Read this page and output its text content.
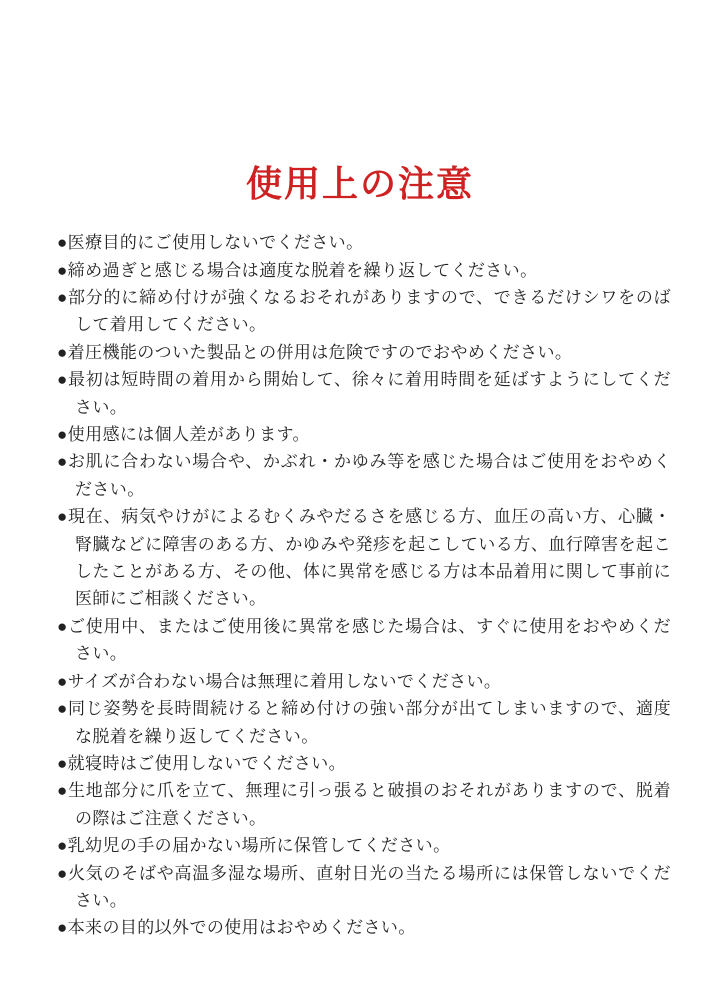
使用上の注意
●医療目的にご使用しないでください。
●締め過ぎと感じる場合は適度な脱着を繰り返してください。
●部分的に締め付けが強くなるおそれがありますので、できるだけシワをのばして着用してください。
●着圧機能のついた製品との併用は危険ですのでおやめください。
●最初は短時間の着用から開始して、徐々に着用時間を延ばすようにしてください。
●使用感には個人差があります。
●お肌に合わない場合や、かぶれ・かゆみ等を感じた場合はご使用をおやめください。
●現在、病気やけがによるむくみやだるさを感じる方、血圧の高い方、心臓・腎臓などに障害のある方、かゆみや発疹を起こしている方、血行障害を起こしたことがある方、その他、体に異常を感じる方は本品着用に関して事前に医師にご相談ください。
●ご使用中、またはご使用後に異常を感じた場合は、すぐに使用をおやめください。
●サイズが合わない場合は無理に着用しないでください。
●同じ姿勢を長時間続けると締め付けの強い部分が出てしまいますので、適度な脱着を繰り返してください。
●就寝時はご使用しないでください。
●生地部分に爪を立て、無理に引っ張ると破損のおそれがありますので、脱着の際はご注意ください。
●乳幼児の手の届かない場所に保管してください。
●火気のそばや高温多湿な場所、直射日光の当たる場所には保管しないでください。
●本来の目的以外での使用はおやめください。
